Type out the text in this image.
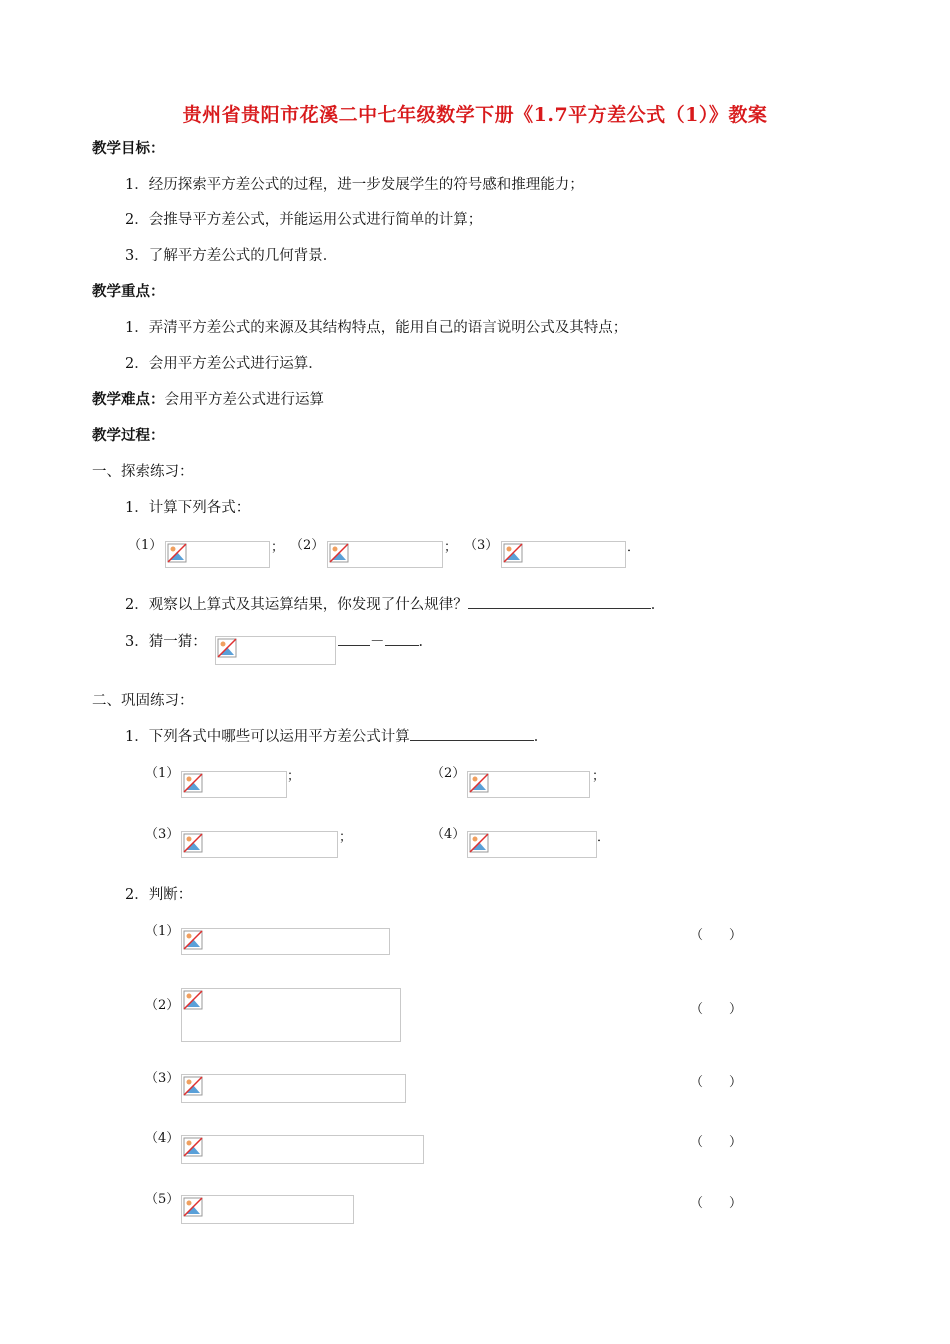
贵州省贵阳市花溪二中七年级数学下册《1.7平方差公式（1）》教案
教学目标：
1．经历探索平方差公式的过程，进一步发展学生的符号感和推理能力；
2．会推导平方差公式，并能运用公式进行简单的计算；
3．了解平方差公式的几何背景．
教学重点：
1．弄清平方差公式的来源及其结构特点，能用自己的语言说明公式及其特点；
2．会用平方差公式进行运算．
教学难点：会用平方差公式进行运算
教学过程：
一、探索练习：
1．计算下列各式：
（1）	； （2）	； （3）	．
2．观察以上算式及其运算结果，你发现了什么规律？	．
3．猜一猜：	－ ．
二、巩固练习：
1．下列各式中哪些可以运用平方差公式计算	．
（1）	；	（2）	；
（3）	；	（4）	．
2．判断：
（1）	（　　）
（2）	（　　）
（3）	（　　）
（4）	（　　）
（5）	（　　）
